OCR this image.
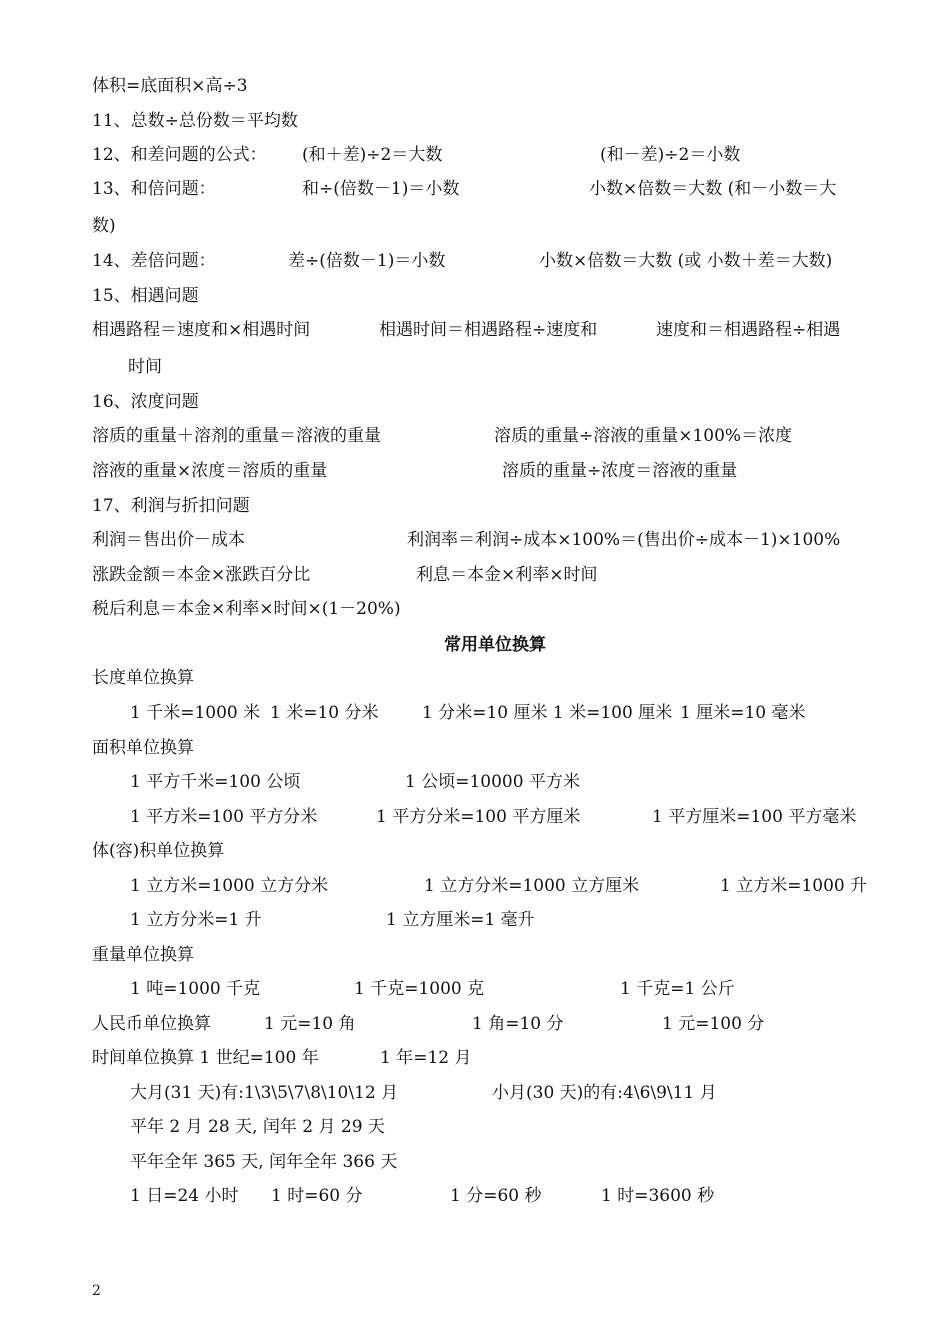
体积=底面积×高÷3
11、总数÷总份数＝平均数
12、和差问题的公式： (和＋差)÷2＝大数	(和－差)÷2＝小数
13、和倍问题：	和÷(倍数－1)＝小数	小数×倍数＝大数 (和－小数＝大
数)
14、差倍问题：	差÷(倍数－1)＝小数	小数×倍数＝大数 (或 小数＋差＝大数)
15、相遇问题
相遇路程＝速度和×相遇时间	相遇时间＝相遇路程÷速度和	速度和＝相遇路程÷相遇
时间
16、浓度问题
溶质的重量＋溶剂的重量＝溶液的重量	溶质的重量÷溶液的重量×100%＝浓度
溶液的重量×浓度＝溶质的重量	溶质的重量÷浓度＝溶液的重量
17、利润与折扣问题
利润＝售出价－成本	利润率＝利润÷成本×100%＝(售出价÷成本－1)×100%
涨跌金额＝本金×涨跌百分比	利息＝本金×利率×时间
税后利息＝本金×利率×时间×(1－20%)
常用单位换算
长度单位换算
1 千米=1000 米 1 米=10 分米	1 分米=10 厘米 1 米=100 厘米 1 厘米=10 毫米
面积单位换算
1 平方千米=100 公顷	1 公顷=10000 平方米
1 平方米=100 平方分米	1 平方分米=100 平方厘米	1 平方厘米=100 平方毫米
体(容)积单位换算
1 立方米=1000 立方分米	1 立方分米=1000 立方厘米	1 立方米=1000 升
1 立方分米=1 升	1 立方厘米=1 毫升
重量单位换算
1 吨=1000 千克	1 千克=1000 克	1 千克=1 公斤
人民币单位换算	1 元=10 角	1 角=10 分	1 元=100 分
时间单位换算 1 世纪=100 年	1 年=12 月
大月(31 天)有:1\3\5\7\8\10\12 月	小月(30 天)的有:4\6\9\11 月
平年 2 月 28 天, 闰年 2 月 29 天
平年全年 365 天, 闰年全年 366 天
1 日=24 小时 1 时=60 分	1 分=60 秒	1 时=3600 秒
2
